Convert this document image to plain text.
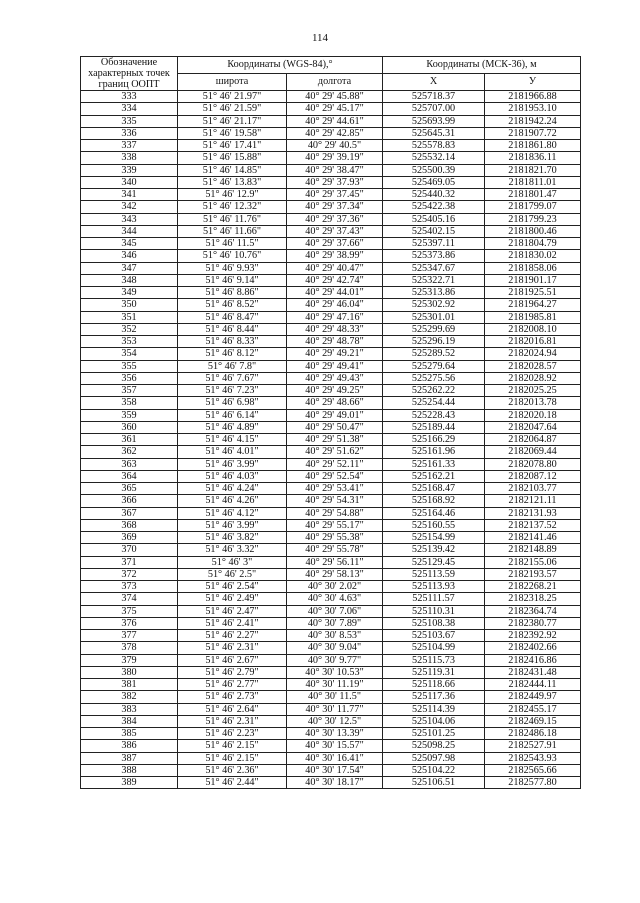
114
Обозначение характерных точек границ ООПТ	Координаты (WGS-84),°		Координаты (МСК-36), м	
	широта	долгота	X	У
333	51° 46' 21.97"	40° 29' 45.88"	525718.37	2181966.88
334	51° 46' 21.59"	40° 29' 45.17"	525707.00	2181953.10
335	51° 46' 21.17"	40° 29' 44.61"	525693.99	2181942.24
336	51° 46' 19.58"	40° 29' 42.85"	525645.31	2181907.72
337	51° 46' 17.41"	40° 29' 40.5"	525578.83	2181861.80
338	51° 46' 15.88"	40° 29' 39.19"	525532.14	2181836.11
339	51° 46' 14.85"	40° 29' 38.47"	525500.39	2181821.70
340	51° 46' 13.83"	40° 29' 37.93"	525469.05	2181811.01
341	51° 46' 12.9"	40° 29' 37.45"	525440.32	2181801.47
342	51° 46' 12.32"	40° 29' 37.34"	525422.38	2181799.07
343	51° 46' 11.76"	40° 29' 37.36"	525405.16	2181799.23
344	51° 46' 11.66"	40° 29' 37.43"	525402.15	2181800.46
345	51° 46' 11.5"	40° 29' 37.66"	525397.11	2181804.79
346	51° 46' 10.76"	40° 29' 38.99"	525373.86	2181830.02
347	51° 46' 9.93"	40° 29' 40.47"	525347.67	2181858.06
348	51° 46' 9.14"	40° 29' 42.74"	525322.71	2181901.17
349	51° 46' 8.86"	40° 29' 44.01"	525313.86	2181925.51
350	51° 46' 8.52"	40° 29' 46.04"	525302.92	2181964.27
351	51° 46' 8.47"	40° 29' 47.16"	525301.01	2181985.81
352	51° 46' 8.44"	40° 29' 48.33"	525299.69	2182008.10
353	51° 46' 8.33"	40° 29' 48.78"	525296.19	2182016.81
354	51° 46' 8.12"	40° 29' 49.21"	525289.52	2182024.94
355	51° 46' 7.8"	40° 29' 49.41"	525279.64	2182028.57
356	51° 46' 7.67"	40° 29' 49.43"	525275.56	2182028.92
357	51° 46' 7.23"	40° 29' 49.25"	525262.22	2182025.25
358	51° 46' 6.98"	40° 29' 48.66"	525254.44	2182013.78
359	51° 46' 6.14"	40° 29' 49.01"	525228.43	2182020.18
360	51° 46' 4.89"	40° 29' 50.47"	525189.44	2182047.64
361	51° 46' 4.15"	40° 29' 51.38"	525166.29	2182064.87
362	51° 46' 4.01"	40° 29' 51.62"	525161.96	2182069.44
363	51° 46' 3.99"	40° 29' 52.11"	525161.33	2182078.80
364	51° 46' 4.03"	40° 29' 52.54"	525162.21	2182087.12
365	51° 46' 4.24"	40° 29' 53.41"	525168.47	2182103.77
366	51° 46' 4.26"	40° 29' 54.31"	525168.92	2182121.11
367	51° 46' 4.12"	40° 29' 54.88"	525164.46	2182131.93
368	51° 46' 3.99"	40° 29' 55.17"	525160.55	2182137.52
369	51° 46' 3.82"	40° 29' 55.38"	525154.99	2182141.46
370	51° 46' 3.32"	40° 29' 55.78"	525139.42	2182148.89
371	51° 46' 3"	40° 29' 56.11"	525129.45	2182155.06
372	51° 46' 2.5"	40° 29' 58.13"	525113.59	2182193.57
373	51° 46' 2.54"	40° 30' 2.02"	525113.93	2182268.21
374	51° 46' 2.49"	40° 30' 4.63"	525111.57	2182318.25
375	51° 46' 2.47"	40° 30' 7.06"	525110.31	2182364.74
376	51° 46' 2.41"	40° 30' 7.89"	525108.38	2182380.77
377	51° 46' 2.27"	40° 30' 8.53"	525103.67	2182392.92
378	51° 46' 2.31"	40° 30' 9.04"	525104.99	2182402.66
379	51° 46' 2.67"	40° 30' 9.77"	525115.73	2182416.86
380	51° 46' 2.79"	40° 30' 10.53"	525119.31	2182431.48
381	51° 46' 2.77"	40° 30' 11.19"	525118.66	2182444.11
382	51° 46' 2.73"	40° 30' 11.5"	525117.36	2182449.97
383	51° 46' 2.64"	40° 30' 11.77"	525114.39	2182455.17
384	51° 46' 2.31"	40° 30' 12.5"	525104.06	2182469.15
385	51° 46' 2.23"	40° 30' 13.39"	525101.25	2182486.18
386	51° 46' 2.15"	40° 30' 15.57"	525098.25	2182527.91
387	51° 46' 2.15"	40° 30' 16.41"	525097.98	2182543.93
388	51° 46' 2.36"	40° 30' 17.54"	525104.22	2182565.66
389	51° 46' 2.44"	40° 30' 18.17"	525106.51	2182577.80
